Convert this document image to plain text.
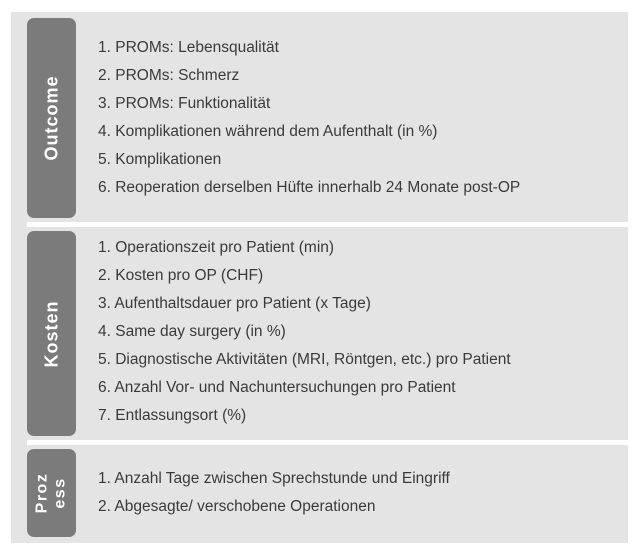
Outcome
1. PROMs: Lebensqualität
2. PROMs: Schmerz
3. PROMs: Funktionalität
4. Komplikationen während dem Aufenthalt (in %)
5. Komplikationen
6. Reoperation derselben Hüfte innerhalb 24 Monate post-OP
Kosten
1. Operationszeit pro Patient (min)
2. Kosten pro OP (CHF)
3. Aufenthaltsdauer pro Patient (x Tage)
4. Same day surgery (in %)
5. Diagnostische Aktivitäten (MRI, Röntgen, etc.) pro Patient
6. Anzahl Vor- und Nachuntersuchungen pro Patient
7. Entlassungsort (%)
Proz ess 1. Anzahl Tage zwischen Sprechstunde und Eingriff
2. Abgesagte/ verschobene Operationen
